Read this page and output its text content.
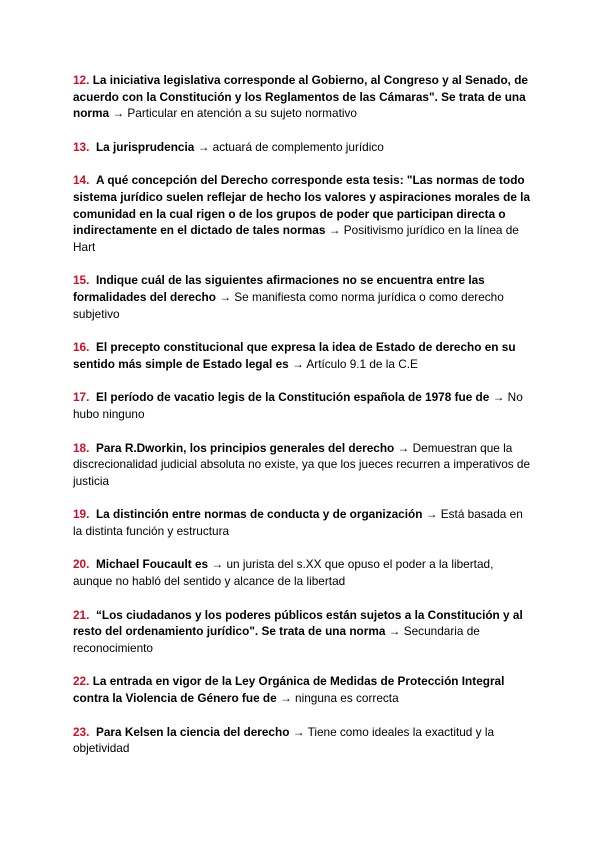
12. La iniciativa legislativa corresponde al Gobierno, al Congreso y al Senado, de acuerdo con la Constitución y los Reglamentos de las Cámaras". Se trata de una norma → Particular en atención a su sujeto normativo

13. La jurisprudencia → actuará de complemento jurídico

14. A qué concepción del Derecho corresponde esta tesis: "Las normas de todo sistema jurídico suelen reflejar de hecho los valores y aspiraciones morales de la comunidad en la cual rigen o de los grupos de poder que participan directa o indirectamente en el dictado de tales normas → Positivismo jurídico en la línea de Hart

15. Indique cuál de las siguientes afirmaciones no se encuentra entre las formalidades del derecho → Se manifiesta como norma jurídica o como derecho subjetivo

16. El precepto constitucional que expresa la idea de Estado de derecho en su sentido más simple de Estado legal es → Artículo 9.1 de la C.E

17. El período de vacatio legis de la Constitución española de 1978 fue de → No hubo ninguno

18. Para R.Dworkin, los principios generales del derecho → Demuestran que la discrecionalidad judicial absoluta no existe, ya que los jueces recurren a imperativos de justicia

19. La distinción entre normas de conducta y de organización → Está basada en la distinta función y estructura

20. Michael Foucault es → un jurista del s.XX que opuso el poder a la libertad, aunque no habló del sentido y alcance de la libertad

21. “Los ciudadanos y los poderes públicos están sujetos a la Constitución y al resto del ordenamiento jurídico". Se trata de una norma → Secundaria de reconocimiento

22. La entrada en vigor de la Ley Orgánica de Medidas de Protección Integral contra la Violencia de Género fue de → ninguna es correcta

23. Para Kelsen la ciencia del derecho → Tiene como ideales la exactitud y la objetividad
